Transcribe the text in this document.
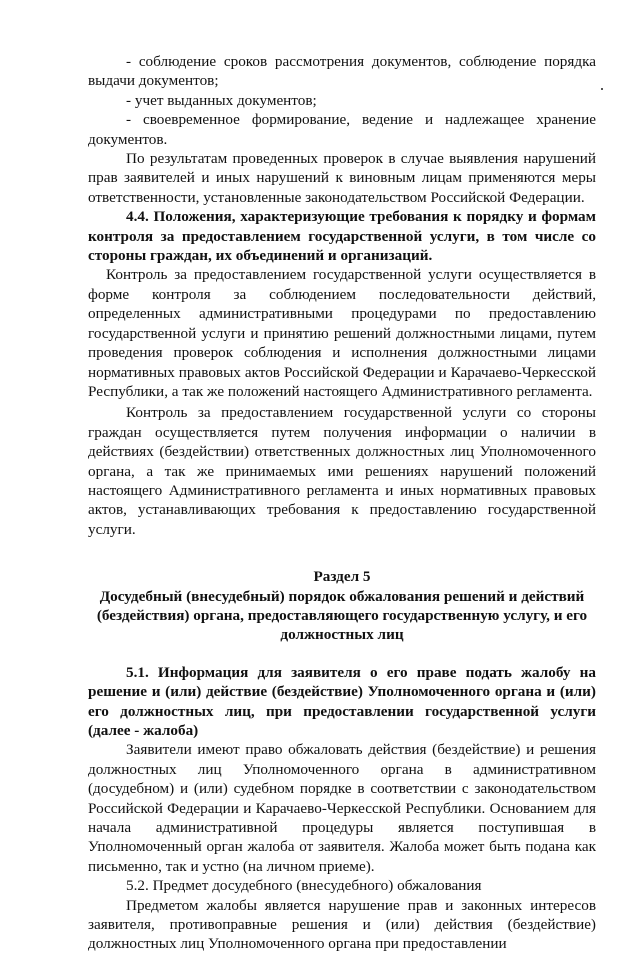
- соблюдение сроков рассмотрения документов, соблюдение порядка выдачи документов;

- учет выданных документов;

- своевременное формирование, ведение и надлежащее хранение документов.

По результатам проведенных проверок в случае выявления нарушений прав заявителей и иных нарушений к виновным лицам применяются меры ответственности, установленные законодательством Российской Федерации.

4.4. Положения, характеризующие требования к порядку и формам контроля за предоставлением государственной услуги, в том числе со стороны граждан, их объединений и организаций.

Контроль за предоставлением государственной услуги осуществляется в форме контроля за соблюдением последовательности действий, определенных административными процедурами по предоставлению государственной услуги и принятию решений должностными лицами, путем проведения проверок соблюдения и исполнения должностными лицами нормативных правовых актов Российской Федерации и Карачаево-Черкесской Республики, а так же положений настоящего Административного регламента.

Контроль за предоставлением государственной услуги со стороны граждан осуществляется путем получения информации о наличии в действиях (бездействии) ответственных должностных лиц Уполномоченного органа, а так же принимаемых ими решениях нарушений положений настоящего Административного регламента и иных нормативных правовых актов, устанавливающих требования к предоставлению государственной услуги.

Раздел 5

Досудебный (внесудебный) порядок обжалования решений и действий (бездействия) органа, предоставляющего государственную услугу, и его должностных лиц

5.1. Информация для заявителя о его праве подать жалобу на решение и (или) действие (бездействие) Уполномоченного органа и (или) его должностных лиц, при предоставлении государственной услуги (далее - жалоба)

Заявители имеют право обжаловать действия (бездействие) и решения должностных лиц Уполномоченного органа в административном (досудебном) и (или) судебном порядке в соответствии с законодательством Российской Федерации и Карачаево-Черкесской Республики. Основанием для начала административной процедуры является поступившая в Уполномоченный орган жалоба от заявителя. Жалоба может быть подана как письменно, так и устно (на личном приеме).

5.2. Предмет досудебного (внесудебного) обжалования

Предметом жалобы является нарушение прав и законных интересов заявителя, противоправные решения и (или) действия (бездействие) должностных лиц Уполномоченного органа при предоставлении
